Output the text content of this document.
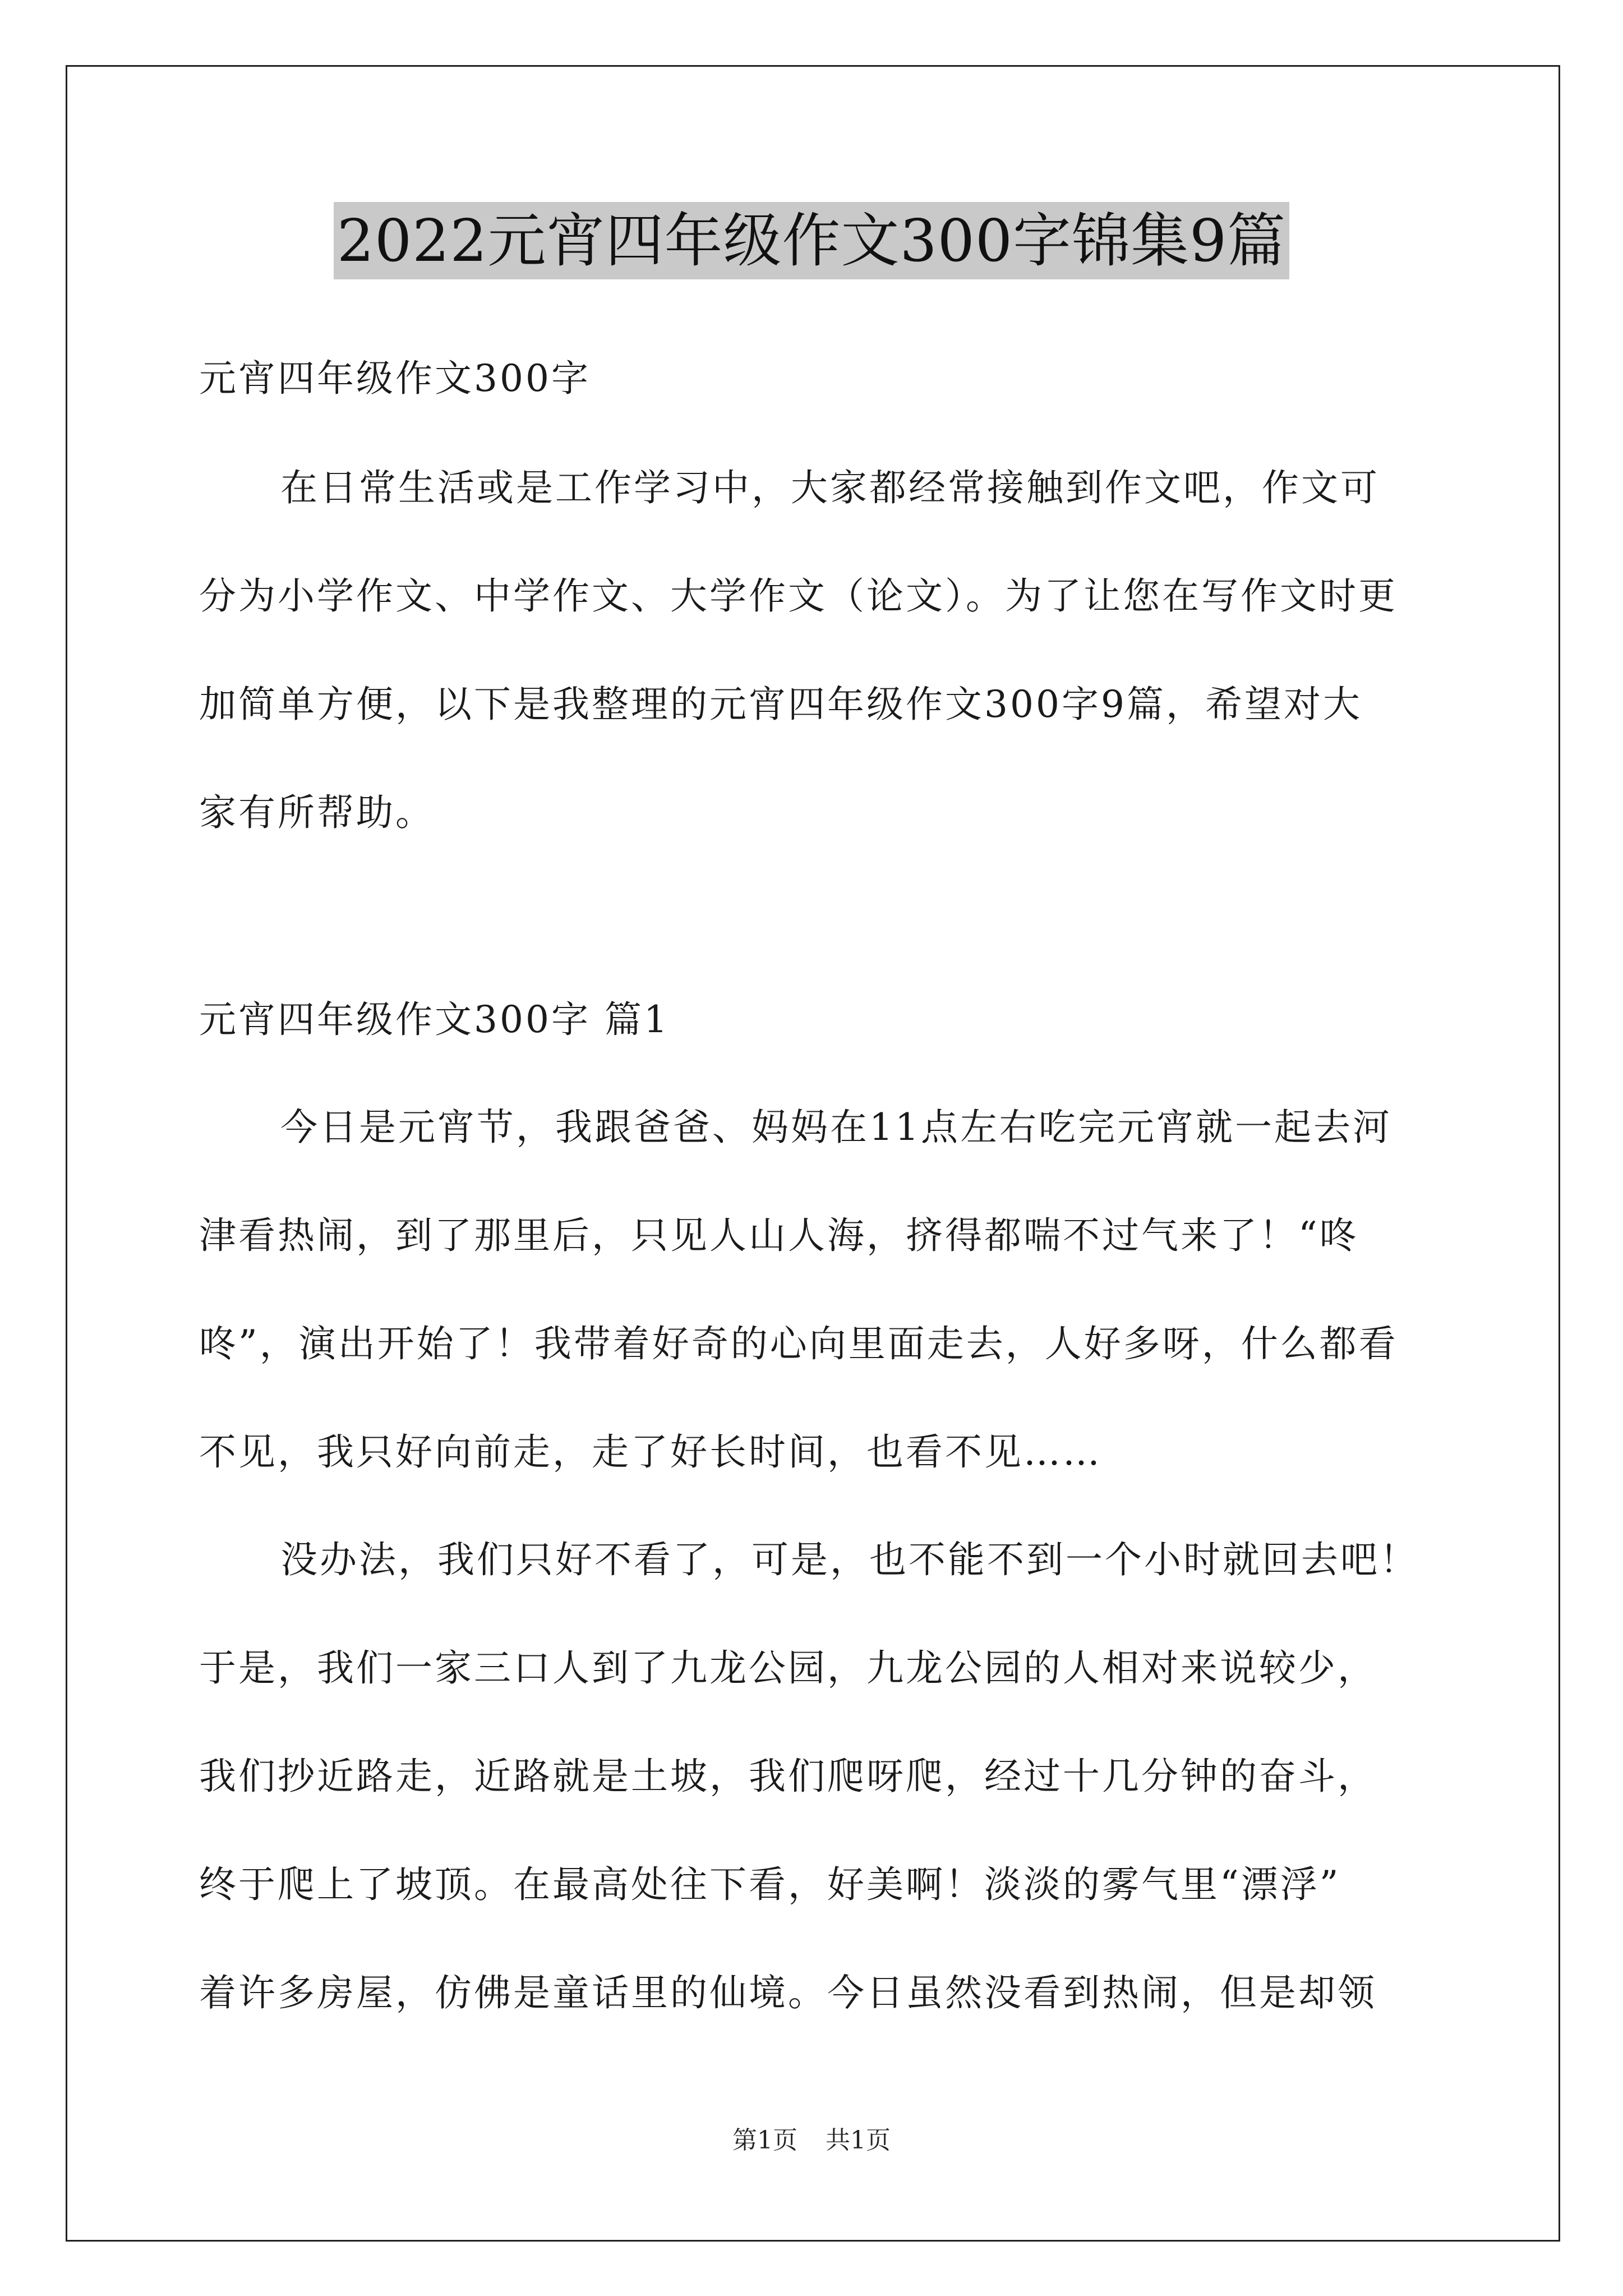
2022元宵四年级作文300字锦集9篇
元宵四年级作文300字
在日常生活或是工作学习中，大家都经常接触到作文吧，作文可
分为小学作文、中学作文、大学作文（论文）。为了让您在写作文时更
加简单方便，以下是我整理的元宵四年级作文300字9篇，希望对大
家有所帮助。
元宵四年级作文300字 篇1
今日是元宵节，我跟爸爸、妈妈在11点左右吃完元宵就一起去河
津看热闹，到了那里后，只见人山人海，挤得都喘不过气来了！“咚
咚”，演出开始了！我带着好奇的心向里面走去，人好多呀，什么都看
不见，我只好向前走，走了好长时间，也看不见……
没办法，我们只好不看了，可是，也不能不到一个小时就回去吧！
于是，我们一家三口人到了九龙公园，九龙公园的人相对来说较少，
我们抄近路走，近路就是土坡，我们爬呀爬，经过十几分钟的奋斗，
终于爬上了坡顶。在最高处往下看，好美啊！淡淡的雾气里“漂浮”
着许多房屋，仿佛是童话里的仙境。今日虽然没看到热闹，但是却领
第1页 共1页
